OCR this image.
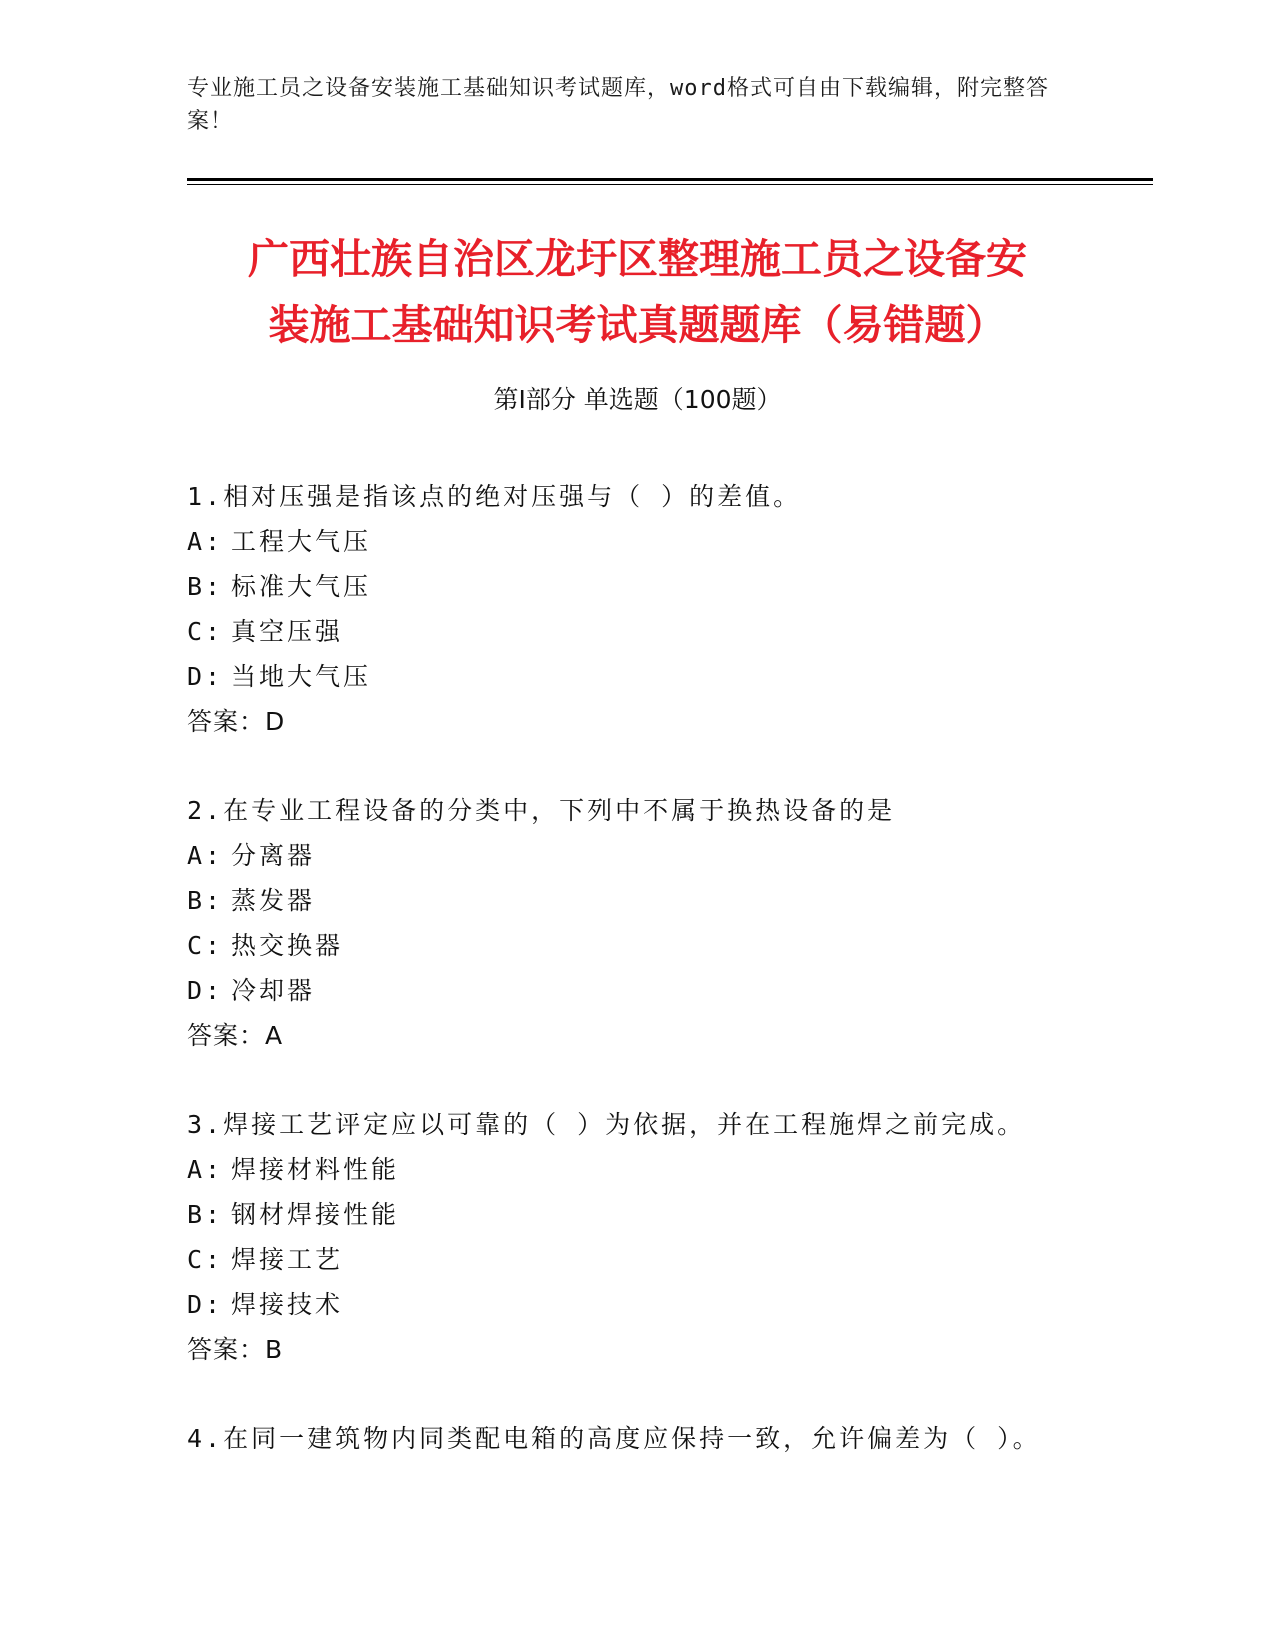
专业施工员之设备安装施工基础知识考试题库，word格式可自由下载编辑，附完整答案！
广西壮族自治区龙圩区整理施工员之设备安
装施工基础知识考试真题题库（易错题）
第Ⅰ部分 单选题（100题）
1.相对压强是指该点的绝对压强与（ ）的差值。
A: 工程大气压
B: 标准大气压
C: 真空压强
D: 当地大气压
答案：D
2.在专业工程设备的分类中，下列中不属于换热设备的是
A: 分离器
B: 蒸发器
C: 热交换器
D: 冷却器
答案：A
3.焊接工艺评定应以可靠的（ ）为依据，并在工程施焊之前完成。
A: 焊接材料性能
B: 钢材焊接性能
C: 焊接工艺
D: 焊接技术
答案：B
4.在同一建筑物内同类配电箱的高度应保持一致，允许偏差为（ ）。
